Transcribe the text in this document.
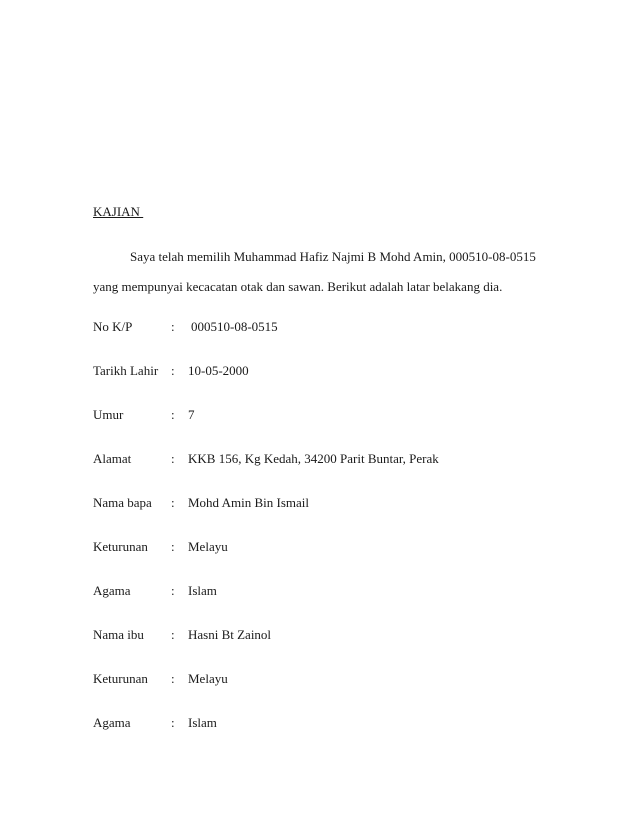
KAJIAN
Saya telah memilih Muhammad Hafiz Najmi B Mohd Amin, 000510-08-0515
yang mempunyai kecacatan otak dan sawan. Berikut adalah latar belakang dia.
No K/P	: 000510-08-0515
Tarikh Lahir : 10-05-2000
Umur	: 7
Alamat	: KKB 156, Kg Kedah, 34200 Parit Buntar, Perak
Nama bapa : Mohd Amin Bin Ismail
Keturunan : Melayu
Agama	: Islam
Nama ibu : Hasni Bt Zainol
Keturunan : Melayu
Agama	: Islam
